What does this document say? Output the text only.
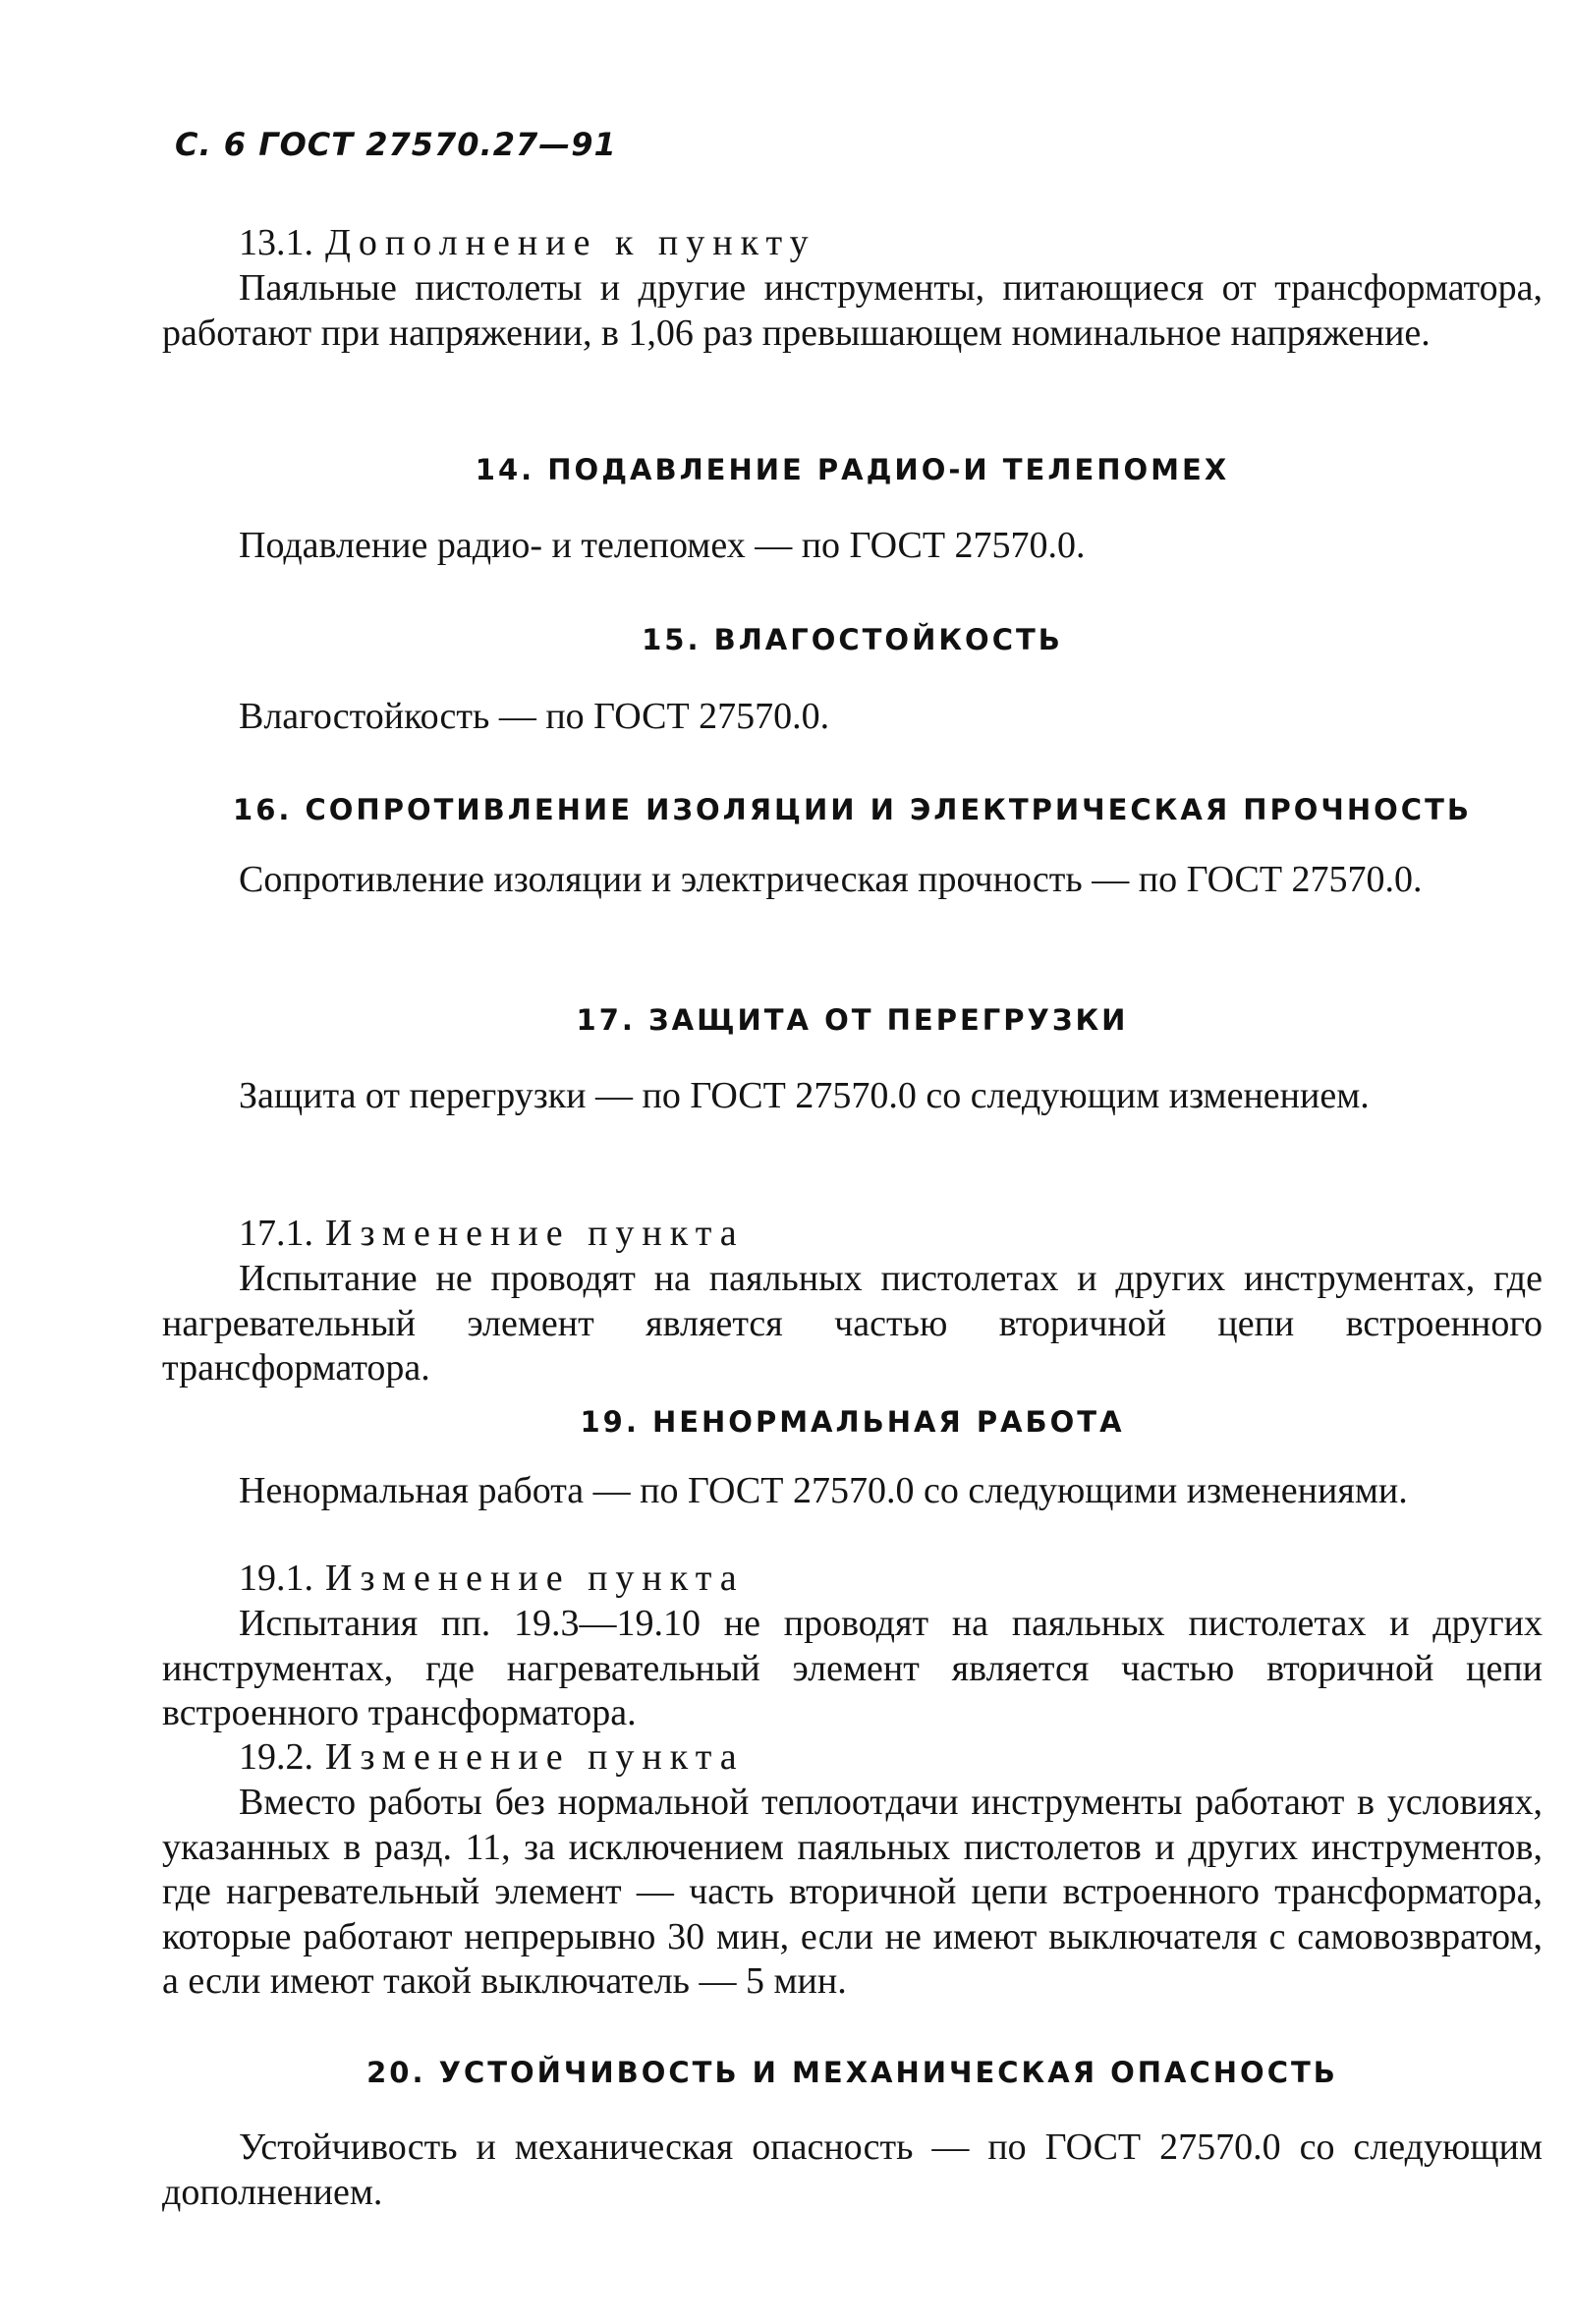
С. 6 ГОСТ 27570.27—91

13.1. Дополнение к пункту

Паяльные пистолеты и другие инструменты, питающиеся от трансформатора, работают при напряжении, в 1,06 раз превышающем номинальное напряжение.

14. ПОДАВЛЕНИЕ РАДИО-И ТЕЛЕПОМЕХ

Подавление радио- и телепомех — по ГОСТ 27570.0.

15. ВЛАГОСТОЙКОСТЬ

Влагостойкость — по ГОСТ 27570.0.

16. СОПРОТИВЛЕНИЕ ИЗОЛЯЦИИ И ЭЛЕКТРИЧЕСКАЯ ПРОЧНОСТЬ

Сопротивление изоляции и электрическая прочность — по ГОСТ 27570.0.

17. ЗАЩИТА ОТ ПЕРЕГРУЗКИ

Защита от перегрузки — по ГОСТ 27570.0 со следующим изменением.

17.1. Изменение пункта

Испытание не проводят на паяльных пистолетах и других инструментах, где нагревательный элемент является частью вторичной цепи встроенного трансформатора.

19. НЕНОРМАЛЬНАЯ РАБОТА

Ненормальная работа — по ГОСТ 27570.0 со следующими изменениями.

19.1. Изменение пункта

Испытания пп. 19.3—19.10 не проводят на паяльных пистолетах и других инструментах, где нагревательный элемент является частью вторичной цепи встроенного трансформатора.

19.2. Изменение пункта

Вместо работы без нормальной теплоотдачи инструменты работают в условиях, указанных в разд. 11, за исключением паяльных пистолетов и других инструментов, где нагревательный элемент — часть вторичной цепи встроенного трансформатора, которые работают непрерывно 30 мин, если не имеют выключателя с самовозвратом, а если имеют такой выключатель — 5 мин.

20. УСТОЙЧИВОСТЬ И МЕХАНИЧЕСКАЯ ОПАСНОСТЬ

Устойчивость и механическая опасность — по ГОСТ 27570.0 со следующим дополнением.
